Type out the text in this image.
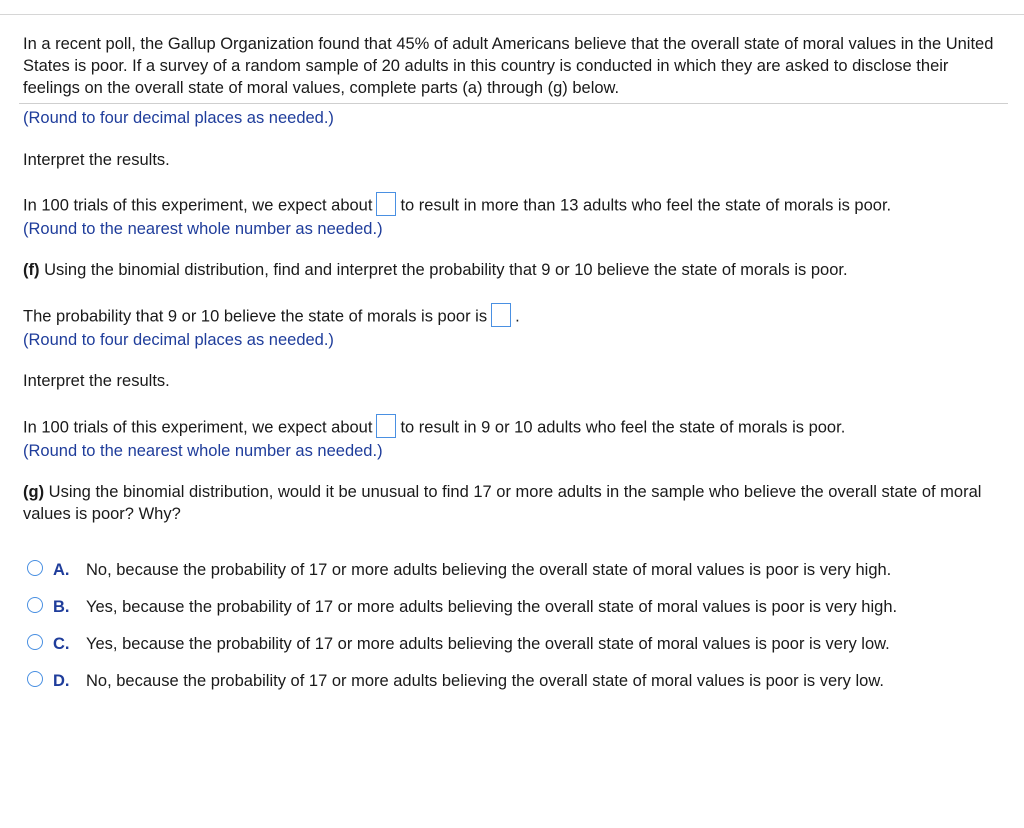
In a recent poll, the Gallup Organization found that 45% of adult Americans believe that the overall state of moral values in the United States is poor. If a survey of a random sample of 20 adults in this country is conducted in which they are asked to disclose their feelings on the overall state of moral values, complete parts (a) through (g) below.

(Round to four decimal places as needed.)

Interpret the results.

In 100 trials of this experiment, we expect about to result in more than 13 adults who feel the state of morals is poor.

(Round to the nearest whole number as needed.)

(f) Using the binomial distribution, find and interpret the probability that 9 or 10 believe the state of morals is poor.

The probability that 9 or 10 believe the state of morals is poor is .

(Round to four decimal places as needed.)

Interpret the results.

In 100 trials of this experiment, we expect about to result in 9 or 10 adults who feel the state of morals is poor.

(Round to the nearest whole number as needed.)

(g) Using the binomial distribution, would it be unusual to find 17 or more adults in the sample who believe the overall state of moral values is poor? Why?

A. No, because the probability of 17 or more adults believing the overall state of moral values is poor is very high.
B. Yes, because the probability of 17 or more adults believing the overall state of moral values is poor is very high.
C. Yes, because the probability of 17 or more adults believing the overall state of moral values is poor is very low.
D. No, because the probability of 17 or more adults believing the overall state of moral values is poor is very low.
